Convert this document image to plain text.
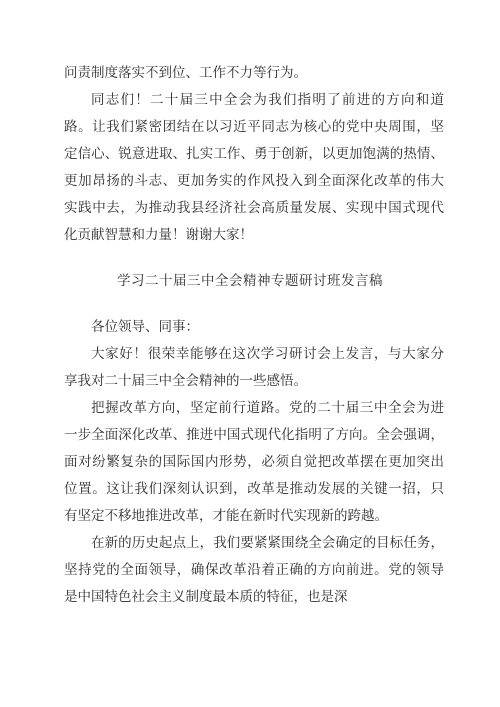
问责制度落实不到位、工作不力等行为。
同志们！二十届三中全会为我们指明了前进的方向和道
路。让我们紧密团结在以习近平同志为核心的党中央周围，坚
定信心、锐意进取、扎实工作、勇于创新，以更加饱满的热情、
更加昂扬的斗志、更加务实的作风投入到全面深化改革的伟大
实践中去，为推动我县经济社会高质量发展、实现中国式现代
化贡献智慧和力量！谢谢大家！
学习二十届三中全会精神专题研讨班发言稿
各位领导、同事：
大家好！很荣幸能够在这次学习研讨会上发言，与大家分
享我对二十届三中全会精神的一些感悟。
把握改革方向，坚定前行道路。党的二十届三中全会为进
一步全面深化改革、推进中国式现代化指明了方向。全会强调，
面对纷繁复杂的国际国内形势，必须自觉把改革摆在更加突出
位置。这让我们深刻认识到，改革是推动发展的关键一招，只
有坚定不移地推进改革，才能在新时代实现新的跨越。
在新的历史起点上，我们要紧紧围绕全会确定的目标任务，
坚持党的全面领导，确保改革沿着正确的方向前进。党的领导
是中国特色社会主义制度最本质的特征，也是深
